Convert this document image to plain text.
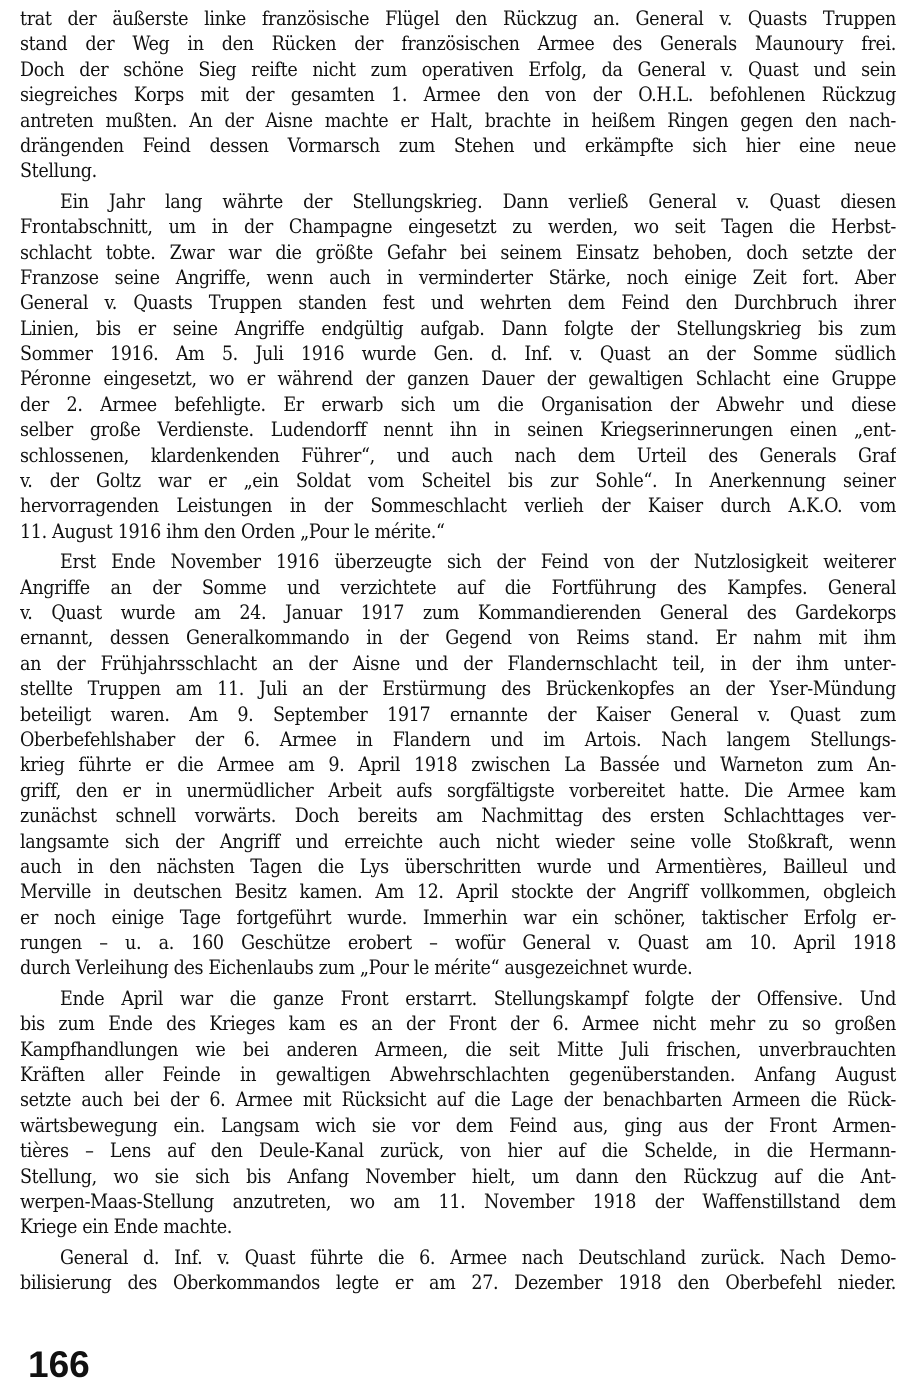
trat der äußerste linke französische Flügel den Rückzug an. General v. Quasts Truppen
stand der Weg in den Rücken der französischen Armee des Generals Maunoury frei.
Doch der schöne Sieg reifte nicht zum operativen Erfolg, da General v. Quast und sein
siegreiches Korps mit der gesamten 1. Armee den von der O.H.L. befohlenen Rückzug
antreten mußten. An der Aisne machte er Halt, brachte in heißem Ringen gegen den nach-
drängenden Feind dessen Vormarsch zum Stehen und erkämpfte sich hier eine neue
Stellung.
Ein Jahr lang währte der Stellungskrieg. Dann verließ General v. Quast diesen
Frontabschnitt, um in der Champagne eingesetzt zu werden, wo seit Tagen die Herbst-
schlacht tobte. Zwar war die größte Gefahr bei seinem Einsatz behoben, doch setzte der
Franzose seine Angriffe, wenn auch in verminderter Stärke, noch einige Zeit fort. Aber
General v. Quasts Truppen standen fest und wehrten dem Feind den Durchbruch ihrer
Linien, bis er seine Angriffe endgültig aufgab. Dann folgte der Stellungskrieg bis zum
Sommer 1916. Am 5. Juli 1916 wurde Gen. d. Inf. v. Quast an der Somme südlich
Péronne eingesetzt, wo er während der ganzen Dauer der gewaltigen Schlacht eine Gruppe
der 2. Armee befehligte. Er erwarb sich um die Organisation der Abwehr und diese
selber große Verdienste. Ludendorff nennt ihn in seinen Kriegserinnerungen einen „ent-
schlossenen, klardenkenden Führer“, und auch nach dem Urteil des Generals Graf
v. der Goltz war er „ein Soldat vom Scheitel bis zur Sohle“. In Anerkennung seiner
hervorragenden Leistungen in der Sommeschlacht verlieh der Kaiser durch A.K.O. vom
11. August 1916 ihm den Orden „Pour le mérite.“
Erst Ende November 1916 überzeugte sich der Feind von der Nutzlosigkeit weiterer
Angriffe an der Somme und verzichtete auf die Fortführung des Kampfes. General
v. Quast wurde am 24. Januar 1917 zum Kommandierenden General des Gardekorps
ernannt, dessen Generalkommando in der Gegend von Reims stand. Er nahm mit ihm
an der Frühjahrsschlacht an der Aisne und der Flandernschlacht teil, in der ihm unter-
stellte Truppen am 11. Juli an der Erstürmung des Brückenkopfes an der Yser-Mündung
beteiligt waren. Am 9. September 1917 ernannte der Kaiser General v. Quast zum
Oberbefehlshaber der 6. Armee in Flandern und im Artois. Nach langem Stellungs-
krieg führte er die Armee am 9. April 1918 zwischen La Bassée und Warneton zum An-
griff, den er in unermüdlicher Arbeit aufs sorgfältigste vorbereitet hatte. Die Armee kam
zunächst schnell vorwärts. Doch bereits am Nachmittag des ersten Schlachttages ver-
langsamte sich der Angriff und erreichte auch nicht wieder seine volle Stoßkraft, wenn
auch in den nächsten Tagen die Lys überschritten wurde und Armentières, Bailleul und
Merville in deutschen Besitz kamen. Am 12. April stockte der Angriff vollkommen, obgleich
er noch einige Tage fortgeführt wurde. Immerhin war ein schöner, taktischer Erfolg er-
rungen – u. a. 160 Geschütze erobert – wofür General v. Quast am 10. April 1918
durch Verleihung des Eichenlaubs zum „Pour le mérite“ ausgezeichnet wurde.
Ende April war die ganze Front erstarrt. Stellungskampf folgte der Offensive. Und
bis zum Ende des Krieges kam es an der Front der 6. Armee nicht mehr zu so großen
Kampfhandlungen wie bei anderen Armeen, die seit Mitte Juli frischen, unverbrauchten
Kräften aller Feinde in gewaltigen Abwehrschlachten gegenüberstanden. Anfang August
setzte auch bei der 6. Armee mit Rücksicht auf die Lage der benachbarten Armeen die Rück-
wärtsbewegung ein. Langsam wich sie vor dem Feind aus, ging aus der Front Armen-
tières – Lens auf den Deule-Kanal zurück, von hier auf die Schelde, in die Hermann-
Stellung, wo sie sich bis Anfang November hielt, um dann den Rückzug auf die Ant-
werpen-Maas-Stellung anzutreten, wo am 11. November 1918 der Waffenstillstand dem
Kriege ein Ende machte.
General d. Inf. v. Quast führte die 6. Armee nach Deutschland zurück. Nach Demo-
bilisierung des Oberkommandos legte er am 27. Dezember 1918 den Oberbefehl nieder.
166
